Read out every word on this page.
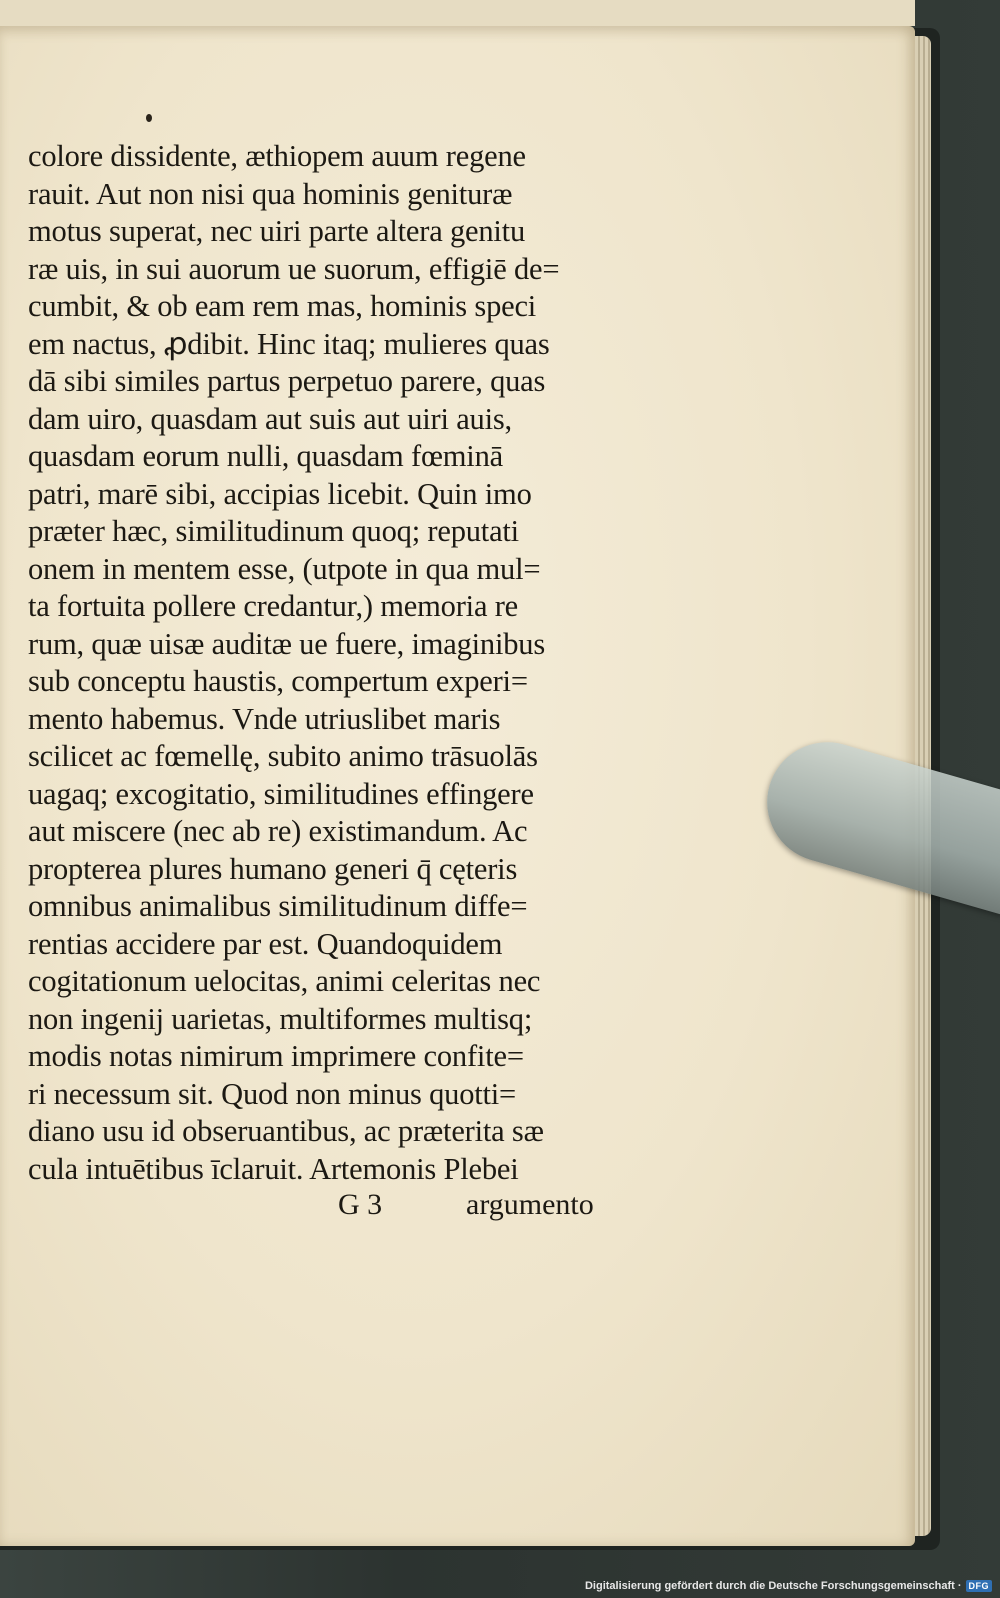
colore dissidente, æthiopem auum regene
rauit. Aut non nisi qua hominis genituræ
motus superat, nec uiri parte altera genitu
ræ uis, in sui auorum ue suorum, effigiē de=
cumbit, & ob eam rem mas, hominis speci
em nactus, ꝓdibit. Hinc itaq; mulieres quas
dā sibi similes partus perpetuo parere, quas
dam uiro, quasdam aut suis aut uiri auis,
quasdam eorum nulli, quasdam fœminā
patri, marē sibi, accipias licebit. Quin imo
præter hæc, similitudinum quoq; reputati
onem in mentem esse, (utpote in qua mul=
ta fortuita pollere credantur,) memoria re
rum, quæ uisæ auditæ ue fuere, imaginibus
sub conceptu haustis, compertum experi=
mento habemus. Vnde utriuslibet maris
scilicet ac fœmellę, subito animo trāsuolās
uagaq; excogitatio, similitudines effingere
aut miscere (nec ab re) existimandum. Ac
propterea plures humano generi q̄ cęteris
omnibus animalibus similitudinum diffe=
rentias accidere par est. Quandoquidem
cogitationum uelocitas, animi celeritas nec
non ingenij uarietas, multiformes multisq;
modis notas nimirum imprimere confite=
ri necessum sit. Quod non minus quotti=
diano usu id obseruantibus, ac præterita sæ
cula intuētibus īclaruit. Artemonis Plebei
G 3	argumento
Digitalisierung gefördert durch die Deutsche Forschungsgemeinschaft · DFG
